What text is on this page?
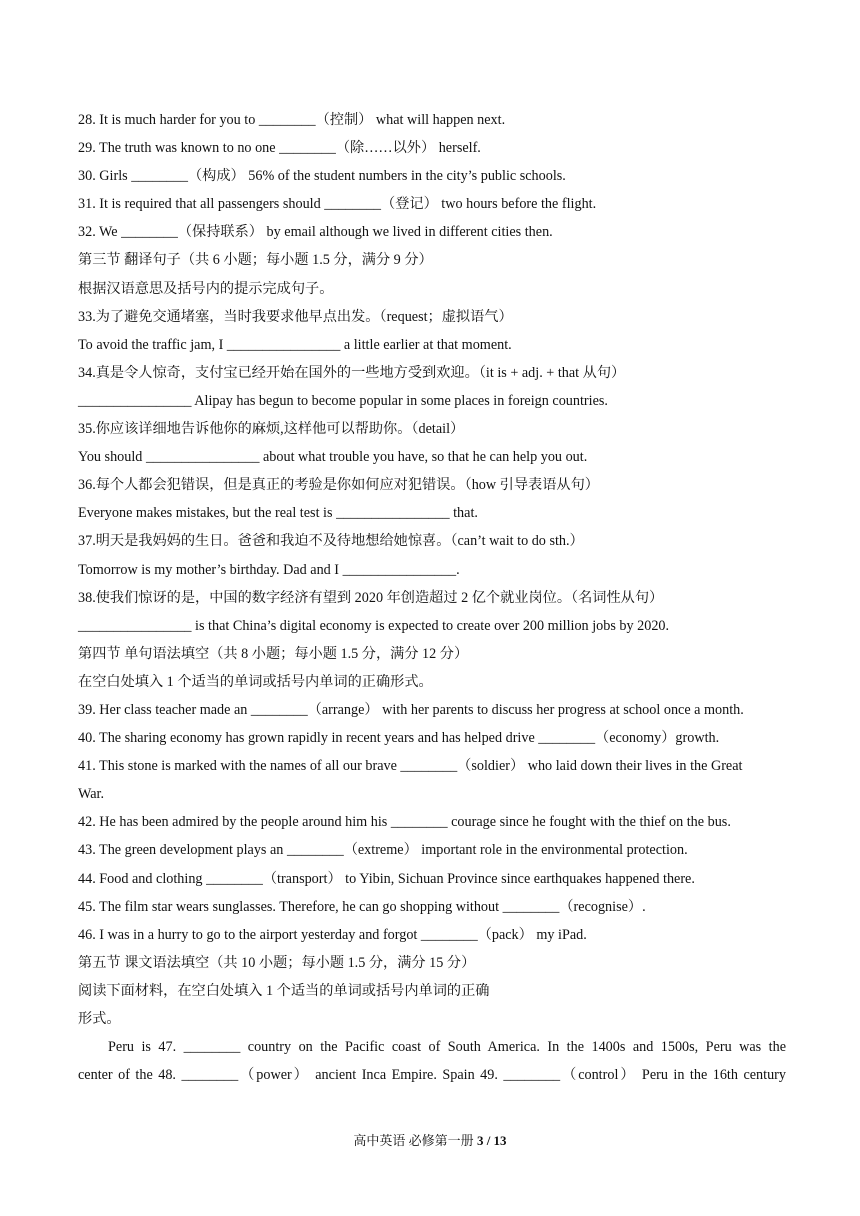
28. It is much harder for you to ________（控制） what will happen next.
29. The truth was known to no one ________（除……以外） herself.
30. Girls ________（构成） 56% of the student numbers in the city’s public schools.
31. It is required that all passengers should ________（登记） two hours before the flight.
32. We ________（保持联系） by email although we lived in different cities then.
第三节 翻译句子（共 6 小题；每小题 1.5 分，满分 9 分）
根据汉语意思及括号内的提示完成句子。
33.为了避免交通堵塞，当时我要求他早点出发。（request；虚拟语气）
To avoid the traffic jam, I ________________ a little earlier at that moment.
34.真是令人惊奇，支付宝已经开始在国外的一些地方受到欢迎。（it is + adj. + that 从句）
________________ Alipay has begun to become popular in some places in foreign countries.
35.你应该详细地告诉他你的麻烦,这样他可以帮助你。（detail）
You should ________________ about what trouble you have, so that he can help you out.
36.每个人都会犯错误，但是真正的考验是你如何应对犯错误。（how 引导表语从句）
Everyone makes mistakes, but the real test is ________________ that.
37.明天是我妈妈的生日。爸爸和我迫不及待地想给她惊喜。（can’t wait to do sth.）
Tomorrow is my mother’s birthday. Dad and I ________________.
38.使我们惊讶的是，中国的数字经济有望到 2020 年创造超过 2 亿个就业岗位。（名词性从句）
________________ is that China’s digital economy is expected to create over 200 million jobs by 2020.
第四节 单句语法填空（共 8 小题；每小题 1.5 分，满分 12 分）
在空白处填入 1 个适当的单词或括号内单词的正确形式。
39. Her class teacher made an ________（arrange） with her parents to discuss her progress at school once a month.
40. The sharing economy has grown rapidly in recent years and has helped drive ________（economy）growth.
41. This stone is marked with the names of all our brave ________（soldier） who laid down their lives in the Great
War.
42. He has been admired by the people around him his ________ courage since he fought with the thief on the bus.
43. The green development plays an ________（extreme） important role in the environmental protection.
44. Food and clothing ________（transport） to Yibin, Sichuan Province since earthquakes happened there.
45. The film star wears sunglasses. Therefore, he can go shopping without ________（recognise）.
46. I was in a hurry to go to the airport yesterday and forgot ________（pack） my iPad.
第五节 课文语法填空（共 10 小题；每小题 1.5 分，满分 15 分）
阅读下面材料，在空白处填入 1 个适当的单词或括号内单词的正确
形式。
Peru is 47. ________ country on the Pacific coast of South America. In the 1400s and 1500s, Peru was the
center of the 48. ________（power） ancient Inca Empire. Spain 49. ________（control） Peru in the 16th century
高中英语 必修第一册 3 / 13
